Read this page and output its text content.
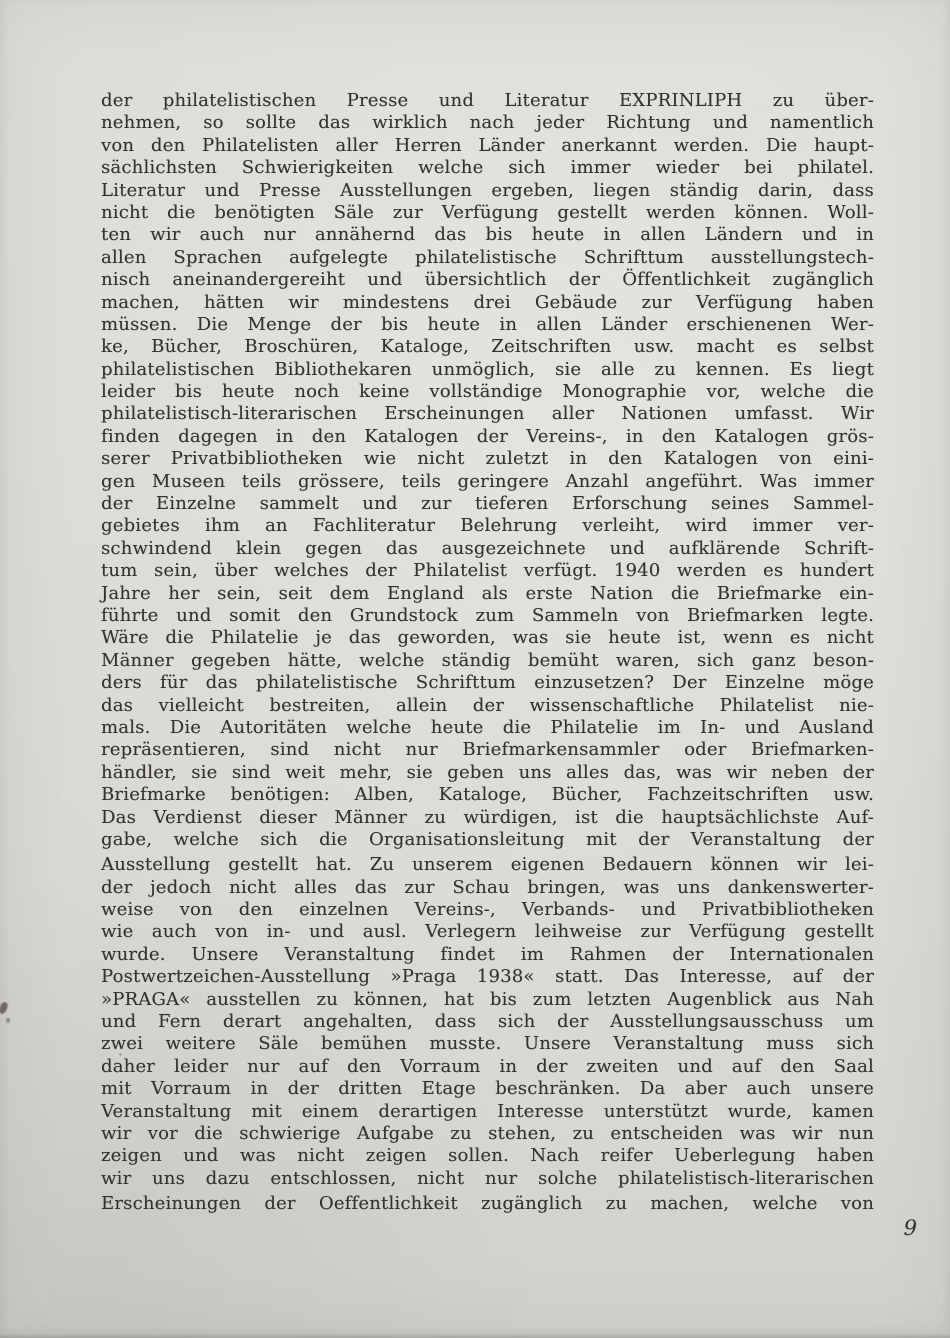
der philatelistischen Presse und Literatur EXPRINLIPH zu über-
nehmen, so sollte das wirklich nach jeder Richtung und namentlich
von den Philatelisten aller Herren Länder anerkannt werden. Die haupt-
sächlichsten Schwierigkeiten welche sich immer wieder bei philatel.
Literatur und Presse Ausstellungen ergeben, liegen ständig darin, dass
nicht die benötigten Säle zur Verfügung gestellt werden können. Woll-
ten wir auch nur annähernd das bis heute in allen Ländern und in
allen Sprachen aufgelegte philatelistische Schrifttum ausstellungstech-
nisch aneinandergereiht und übersichtlich der Öffentlichkeit zugänglich
machen, hätten wir mindestens drei Gebäude zur Verfügung haben
müssen. Die Menge der bis heute in allen Länder erschienenen Wer-
ke, Bücher, Broschüren, Kataloge, Zeitschriften usw. macht es selbst
philatelistischen Bibliothekaren unmöglich, sie alle zu kennen. Es liegt
leider bis heute noch keine vollständige Monographie vor, welche die
philatelistisch-literarischen Erscheinungen aller Nationen umfasst. Wir
finden dagegen in den Katalogen der Vereins-, in den Katalogen grös-
serer Privatbibliotheken wie nicht zuletzt in den Katalogen von eini-
gen Museen teils grössere, teils geringere Anzahl angeführt. Was immer
der Einzelne sammelt und zur tieferen Erforschung seines Sammel-
gebietes ihm an Fachliteratur Belehrung verleiht, wird immer ver-
schwindend klein gegen das ausgezeichnete und aufklärende Schrift-
tum sein, über welches der Philatelist verfügt. 1940 werden es hundert
Jahre her sein, seit dem England als erste Nation die Briefmarke ein-
führte und somit den Grundstock zum Sammeln von Briefmarken legte.
Wäre die Philatelie je das geworden, was sie heute ist, wenn es nicht
Männer gegeben hätte, welche ständig bemüht waren, sich ganz beson-
ders für das philatelistische Schrifttum einzusetzen? Der Einzelne möge
das vielleicht bestreiten, allein der wissenschaftliche Philatelist nie-
mals. Die Autoritäten welche heute die Philatelie im In- und Ausland
repräsentieren, sind nicht nur Briefmarkensammler oder Briefmarken-
händler, sie sind weit mehr, sie geben uns alles das, was wir neben der
Briefmarke benötigen: Alben, Kataloge, Bücher, Fachzeitschriften usw.
Das Verdienst dieser Männer zu würdigen, ist die hauptsächlichste Auf-
gabe, welche sich die Organisationsleitung mit der Veranstaltung der
Ausstellung gestellt hat. Zu unserem eigenen Bedauern können wir lei-
der jedoch nicht alles das zur Schau bringen, was uns dankenswerter-
weise von den einzelnen Vereins-, Verbands- und Privatbibliotheken
wie auch von in- und ausl. Verlegern leihweise zur Verfügung gestellt
wurde. Unsere Veranstaltung findet im Rahmen der Internationalen
Postwertzeichen-Ausstellung »Praga 1938« statt. Das Interesse, auf der
»PRAGA« ausstellen zu können, hat bis zum letzten Augenblick aus Nah
und Fern derart angehalten, dass sich der Ausstellungsausschuss um
zwei weitere Säle bemühen musste. Unsere Veranstaltung muss sich
daher leider nur auf den Vorraum in der zweiten und auf den Saal
mit Vorraum in der dritten Etage beschränken. Da aber auch unsere
Veranstaltung mit einem derartigen Interesse unterstützt wurde, kamen
wir vor die schwierige Aufgabe zu stehen, zu entscheiden was wir nun
zeigen und was nicht zeigen sollen. Nach reifer Ueberlegung haben
wir uns dazu entschlossen, nicht nur solche philatelistisch-literarischen
Erscheinungen der Oeffentlichkeit zugänglich zu machen, welche von
9
